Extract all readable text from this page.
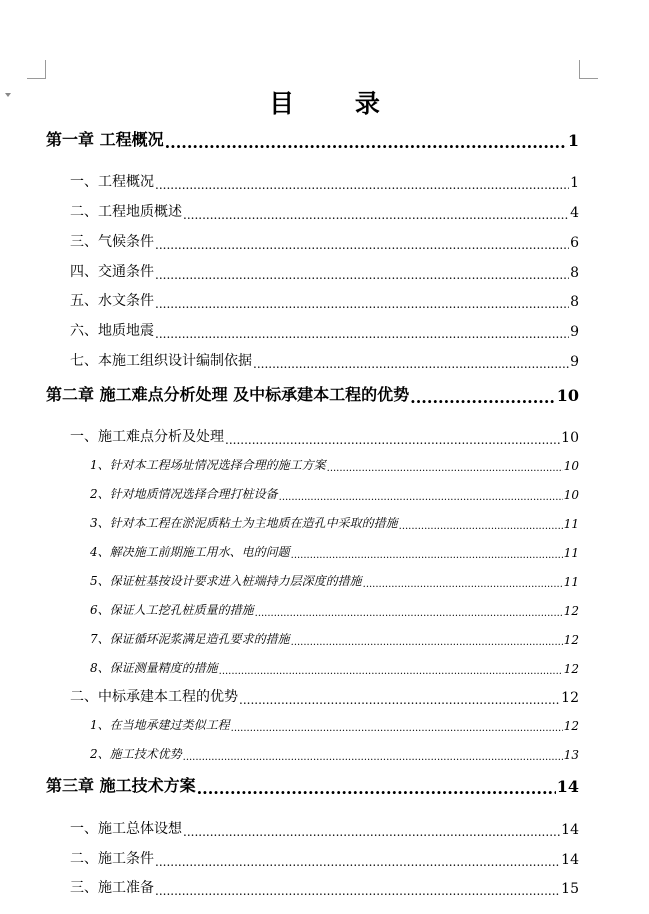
目 录
第一章 工程概况 .....	1
一、工程概况 .....	1
二、工程地质概述 .....	4
三、气候条件 .....	6
四、交通条件 .....	8
五、水文条件 .....	8
六、地质地震 .....	9
七、本施工组织设计编制依据 .....	9
第二章 施工难点分析处理 及中标承建本工程的优势 .....	10
一、施工难点分析及处理 .....	10
1、针对本工程场址情况选择合理的施工方案 .....	10
2、针对地质情况选择合理打桩设备 .....	10
3、针对本工程在淤泥质粘土为主地质在造孔中采取的措施 .....	11
4、解决施工前期施工用水、电的问题 .....	11
5、保证桩基按设计要求进入桩端持力层深度的措施 .....	11
6、保证人工挖孔桩质量的措施 .....	12
7、保证循环泥浆满足造孔要求的措施 .....	12
8、保证测量精度的措施 .....	12
二、中标承建本工程的优势 .....	12
1、在当地承建过类似工程 .....	12
2、施工技术优势 .....	13
第三章 施工技术方案 .....	14
一、施工总体设想 .....	14
二、施工条件 .....	14
三、施工准备 .....	15
